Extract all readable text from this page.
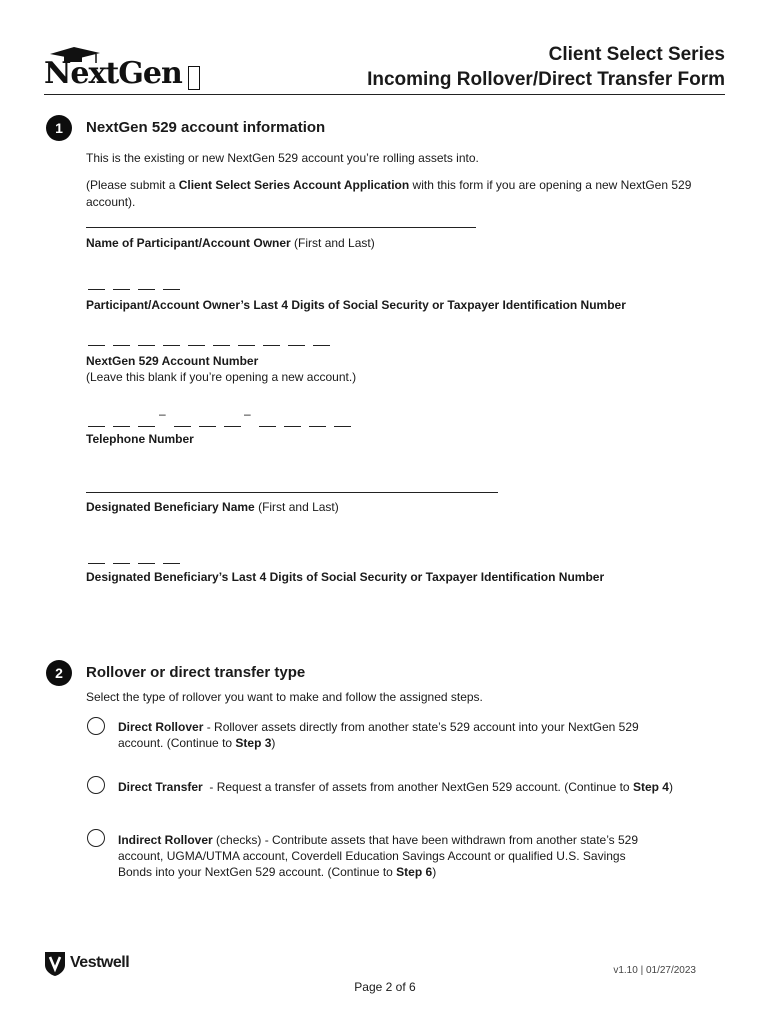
NextGen
Client Select Series
Incoming Rollover/Direct Transfer Form
1	NextGen 529 account information
This is the existing or new NextGen 529 account you’re rolling assets into.
(Please submit a Client Select Series Account Application with this form if you are opening a new NextGen 529 account).
Name of Participant/Account Owner (First and Last)
Participant/Account Owner’s Last 4 Digits of Social Security or Taxpayer Identification Number
NextGen 529 Account Number
(Leave this blank if you’re opening a new account.)
–	–
Telephone Number
Designated Beneficiary Name (First and Last)
Designated Beneficiary’s Last 4 Digits of Social Security or Taxpayer Identification Number
2	Rollover or direct transfer type
Select the type of rollover you want to make and follow the assigned steps.
Direct Rollover - Rollover assets directly from another state’s 529 account into your NextGen 529
account. (Continue to Step 3)
Direct Transfer  - Request a transfer of assets from another NextGen 529 account. (Continue to Step 4)
Indirect Rollover (checks) - Contribute assets that have been withdrawn from another state’s 529
account, UGMA/UTMA account, Coverdell Education Savings Account or qualified U.S. Savings
Bonds into your NextGen 529 account. (Continue to Step 6)
Vestwell	v1.10 | 01/27/2023
Page 2 of 6
